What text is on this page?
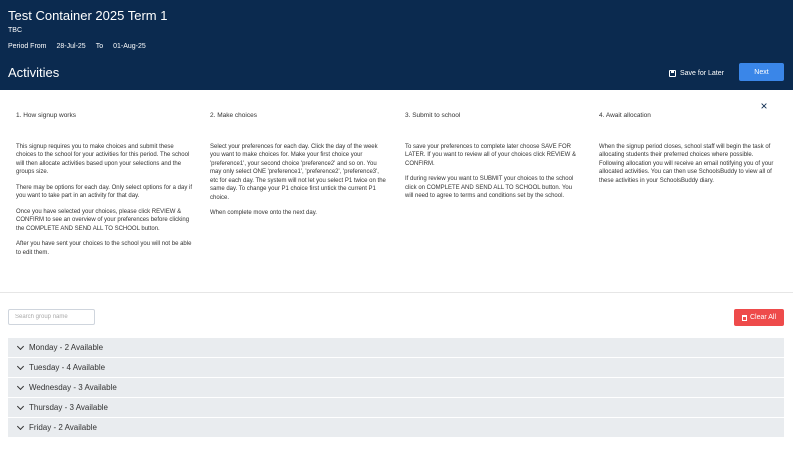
Test Container 2025 Term 1
TBC
Period From 28-Jul-25 To 01-Aug-25
Activities	Save for Later	Next
1. How signup works

This signup requires you to make choices and submit these choices to the school for your activities for this period. The school will then allocate activities based upon your selections and the groups size.

There may be options for each day. Only select options for a day if you want to take part in an activity for that day.

Once you have selected your choices, please click REVIEW & CONFIRM to see an overview of your preferences before clicking the COMPLETE AND SEND ALL TO SCHOOL button.

After you have sent your choices to the school you will not be able to edit them.

2. Make choices

Select your preferences for each day. Click the day of the week you want to make choices for. Make your first choice your 'preference1', your second choice 'preference2' and so on. You may only select ONE 'preference1', 'preference2', 'preference3', etc for each day. The system will not let you select P1 twice on the same day. To change your P1 choice first untick the current P1 choice.

When complete move onto the next day.

3. Submit to school

To save your preferences to complete later choose SAVE FOR LATER. If you want to review all of your choices click REVIEW & CONFIRM.

If during review you want to SUBMIT your choices to the school click on COMPLETE AND SEND ALL TO SCHOOL button. You will need to agree to terms and conditions set by the school.

4. Await allocation

When the signup period closes, school staff will begin the task of allocating students their preferred choices where possible. Following allocation you will receive an email notifying you of your allocated activities. You can then use SchoolsBuddy to view all of these activities in your SchoolsBuddy diary.

×
Search group name
Clear All
Monday - 2 Available
Tuesday - 4 Available
Wednesday - 3 Available
Thursday - 3 Available
Friday - 2 Available
